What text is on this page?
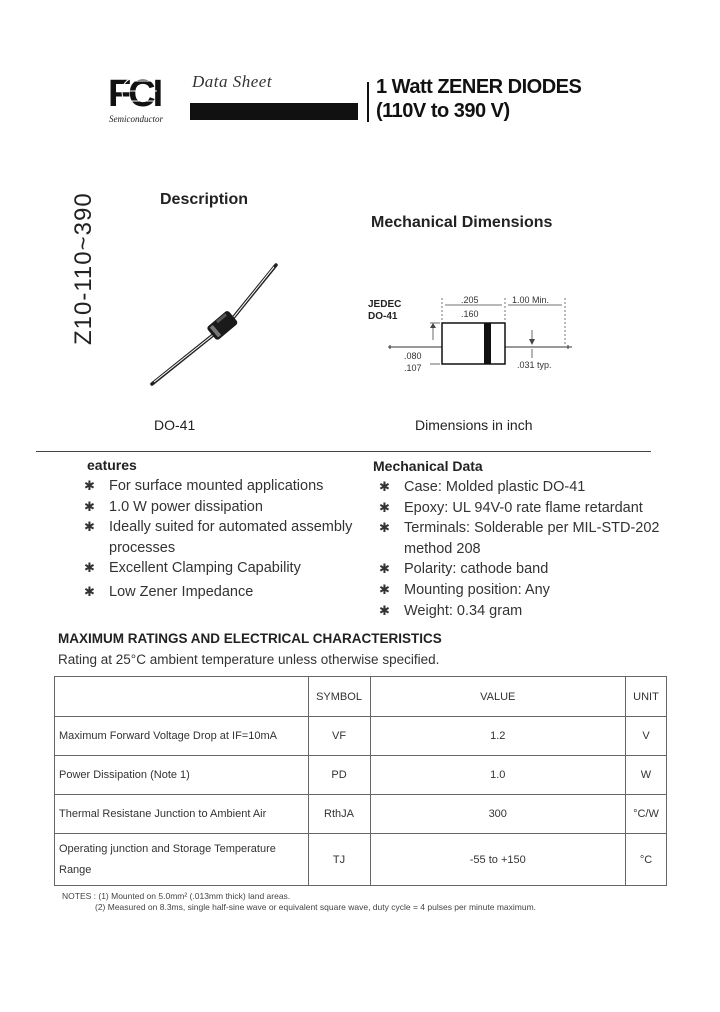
FCI
Semiconductor
Data Sheet	1 Watt ZENER DIODES
(110V to 390 V)
Z10-110~390	Description
DO-41
Mechanical Dimensions
JEDEC
DO-41
.205
.160
1.00 Min.
.080
.107	.031 typ.
Dimensions in inch
eatures
✱ For surface mounted applications
✱ 1.0 W power dissipation
✱ Ideally suited for automated assembly processes
✱ Excellent Clamping Capability
✱ Low Zener Impedance
Mechanical Data
✱ Case: Molded plastic DO-41
✱ Epoxy: UL 94V-0 rate flame retardant
✱ Terminals: Solderable per MIL-STD-202 method 208
✱ Polarity: cathode band
✱ Mounting position: Any
✱ Weight: 0.34 gram
MAXIMUM RATINGS AND ELECTRICAL CHARACTERISTICS
Rating at 25°C ambient temperature unless otherwise specified.
	SYMBOL	VALUE	UNIT
Maximum Forward Voltage Drop at IF=10mA	VF	1.2	V
Power Dissipation (Note 1)	PD	1.0	W
Thermal Resistane Junction to Ambient Air	RthJA	300	°C/W
Operating junction and Storage Temperature Range	TJ	-55 to +150	°C
NOTES : (1) Mounted on 5.0mm² (.013mm thick) land areas.
(2) Measured on 8.3ms, single half-sine wave or equivalent square wave, duty cycle = 4 pulses per minute maximum.
